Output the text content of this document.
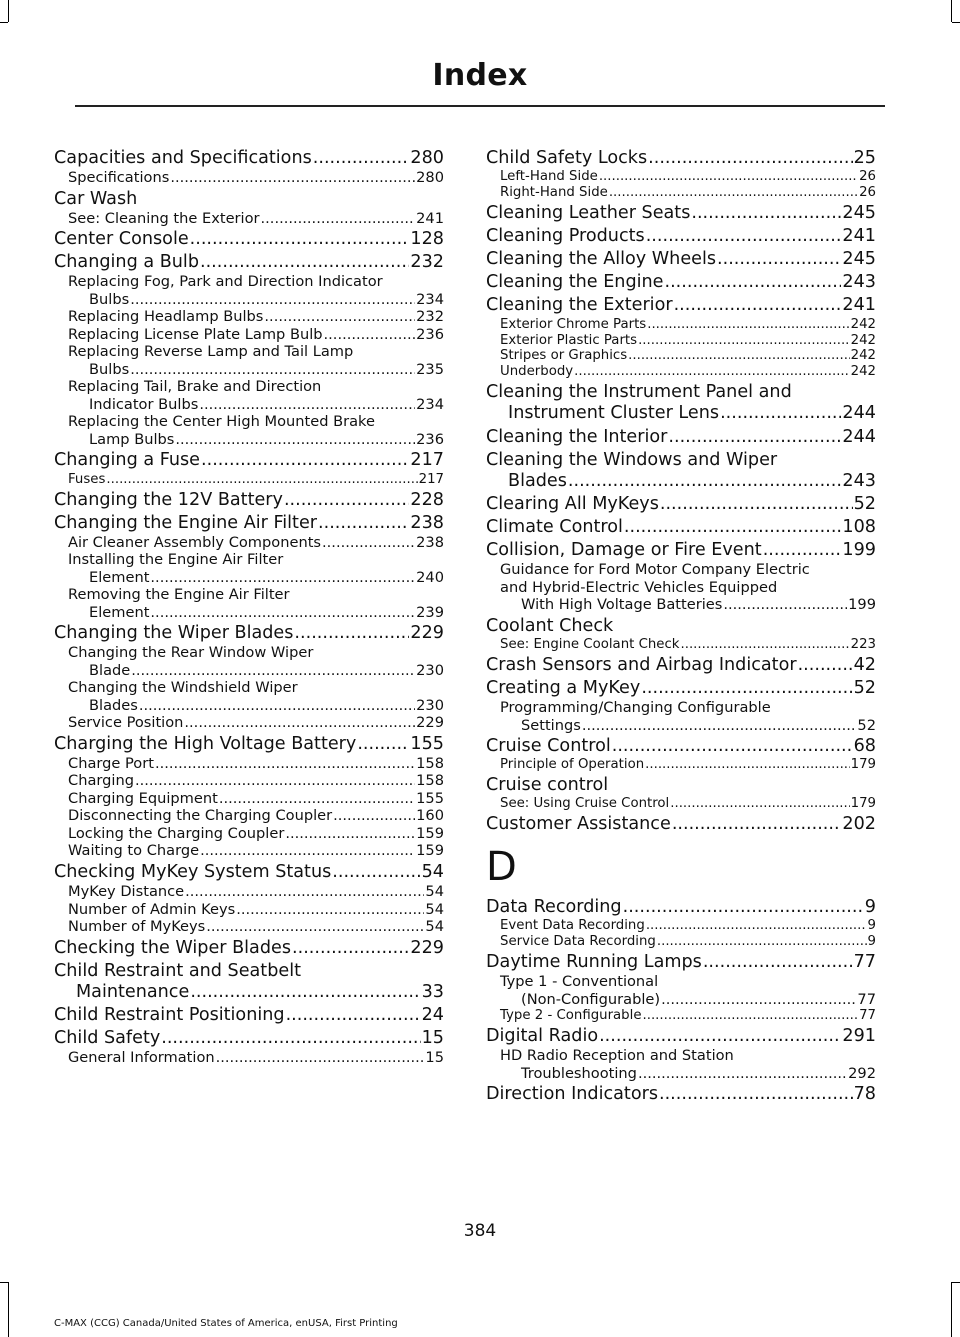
Index
Capacities and Specifications .....	280
Specifications .....	280
Car Wash
See: Cleaning the Exterior .....	241
Center Console .....	128
Changing a Bulb .....	232
Replacing Fog, Park and Direction Indicator
Bulbs .....	234
Replacing Headlamp Bulbs .....	232
Replacing License Plate Lamp Bulb .....	236
Replacing Reverse Lamp and Tail Lamp
Bulbs .....	235
Replacing Tail, Brake and Direction
Indicator Bulbs .....	234
Replacing the Center High Mounted Brake
Lamp Bulbs .....	236
Changing a Fuse .....	217
Fuses .....	217
Changing the 12V Battery .....	228
Changing the Engine Air Filter .....	238
Air Cleaner Assembly Components .....	238
Installing the Engine Air Filter
Element .....	240
Removing the Engine Air Filter
Element .....	239
Changing the Wiper Blades .....	229
Changing the Rear Window Wiper
Blade .....	230
Changing the Windshield Wiper
Blades .....	230
Service Position .....	229
Charging the High Voltage Battery .....	155
Charge Port .....	158
Charging .....	158
Charging Equipment .....	155
Disconnecting the Charging Coupler .....	160
Locking the Charging Coupler .....	159
Waiting to Charge .....	159
Checking MyKey System Status .....	54
MyKey Distance .....	54
Number of Admin Keys .....	54
Number of MyKeys .....	54
Checking the Wiper Blades .....	229
Child Restraint and Seatbelt
Maintenance .....	33
Child Restraint Positioning .....	24
Child Safety .....	15
General Information .....	15
Child Safety Locks .....	25
Left-Hand Side .....	26
Right-Hand Side .....	26
Cleaning Leather Seats .....	245
Cleaning Products .....	241
Cleaning the Alloy Wheels .....	245
Cleaning the Engine .....	243
Cleaning the Exterior .....	241
Exterior Chrome Parts .....	242
Exterior Plastic Parts .....	242
Stripes or Graphics .....	242
Underbody .....	242
Cleaning the Instrument Panel and
Instrument Cluster Lens .....	244
Cleaning the Interior .....	244
Cleaning the Windows and Wiper
Blades .....	243
Clearing All MyKeys .....	52
Climate Control .....	108
Collision, Damage or Fire Event .....	199
Guidance for Ford Motor Company Electric
and Hybrid-Electric Vehicles Equipped
With High Voltage Batteries .....	199
Coolant Check
See: Engine Coolant Check .....	223
Crash Sensors and Airbag Indicator .....	42
Creating a MyKey .....	52
Programming/Changing Configurable
Settings .....	52
Cruise Control .....	68
Principle of Operation .....	179
Cruise control
See: Using Cruise Control .....	179
Customer Assistance .....	202
D
Data Recording .....	9
Event Data Recording .....	9
Service Data Recording .....	9
Daytime Running Lamps .....	77
Type 1 - Conventional
(Non-Configurable) .....	77
Type 2 - Configurable .....	77
Digital Radio .....	291
HD Radio Reception and Station
Troubleshooting .....	292
Direction Indicators .....	78
384
C-MAX (CCG) Canada/United States of America, enUSA, First Printing
